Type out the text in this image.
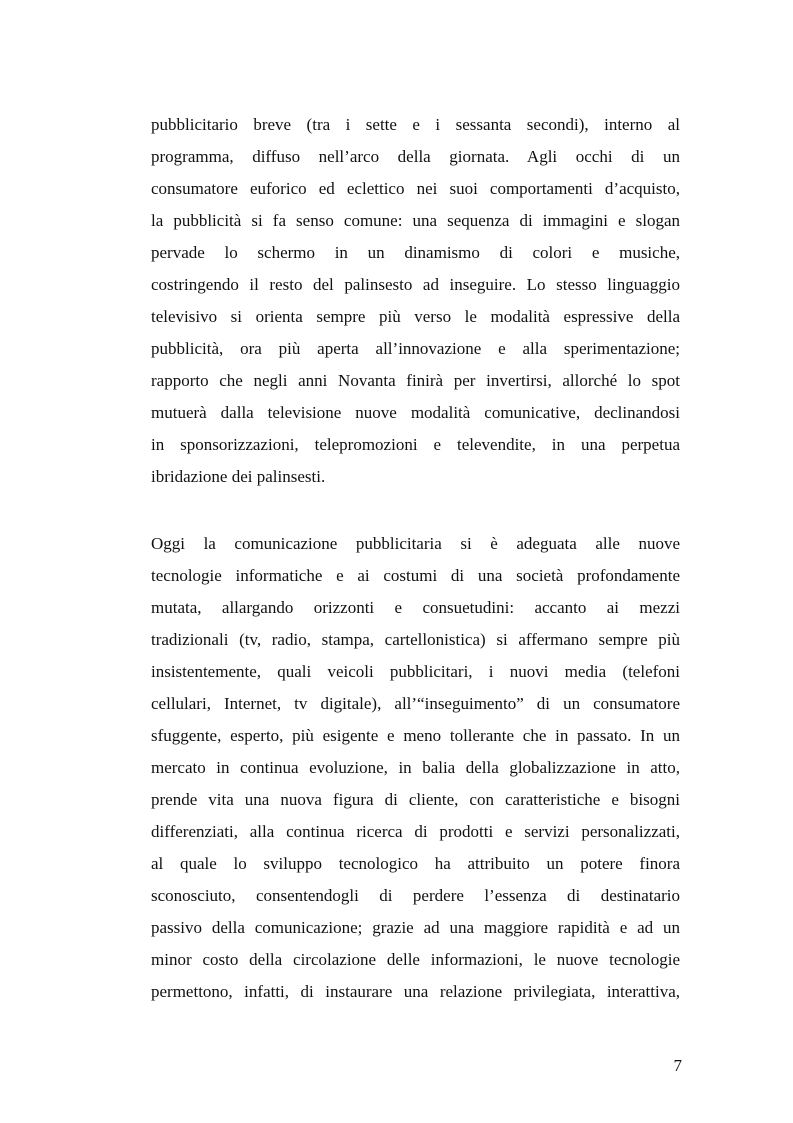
pubblicitario breve (tra i sette e i sessanta secondi), interno al
programma, diffuso nell’arco della giornata. Agli occhi di un
consumatore euforico ed eclettico nei suoi comportamenti d’acquisto,
la pubblicità si fa senso comune: una sequenza di immagini e slogan
pervade lo schermo in un dinamismo di colori e musiche,
costringendo il resto del palinsesto ad inseguire. Lo stesso linguaggio
televisivo si orienta sempre più verso le modalità espressive della
pubblicità, ora più aperta all’innovazione e alla sperimentazione;
rapporto che negli anni Novanta finirà per invertirsi, allorché lo spot
mutuerà dalla televisione nuove modalità comunicative, declinandosi
in sponsorizzazioni, telepromozioni e televendite, in una perpetua
ibridazione dei palinsesti.
Oggi la comunicazione pubblicitaria si è adeguata alle nuove
tecnologie informatiche e ai costumi di una società profondamente
mutata, allargando orizzonti e consuetudini: accanto ai mezzi
tradizionali (tv, radio, stampa, cartellonistica) si affermano sempre più
insistentemente, quali veicoli pubblicitari, i nuovi media (telefoni
cellulari, Internet, tv digitale), all’“inseguimento” di un consumatore
sfuggente, esperto, più esigente e meno tollerante che in passato. In un
mercato in continua evoluzione, in balia della globalizzazione in atto,
prende vita una nuova figura di cliente, con caratteristiche e bisogni
differenziati, alla continua ricerca di prodotti e servizi personalizzati,
al quale lo sviluppo tecnologico ha attribuito un potere finora
sconosciuto, consentendogli di perdere l’essenza di destinatario
passivo della comunicazione; grazie ad una maggiore rapidità e ad un
minor costo della circolazione delle informazioni, le nuove tecnologie
permettono, infatti, di instaurare una relazione privilegiata, interattiva,
7
